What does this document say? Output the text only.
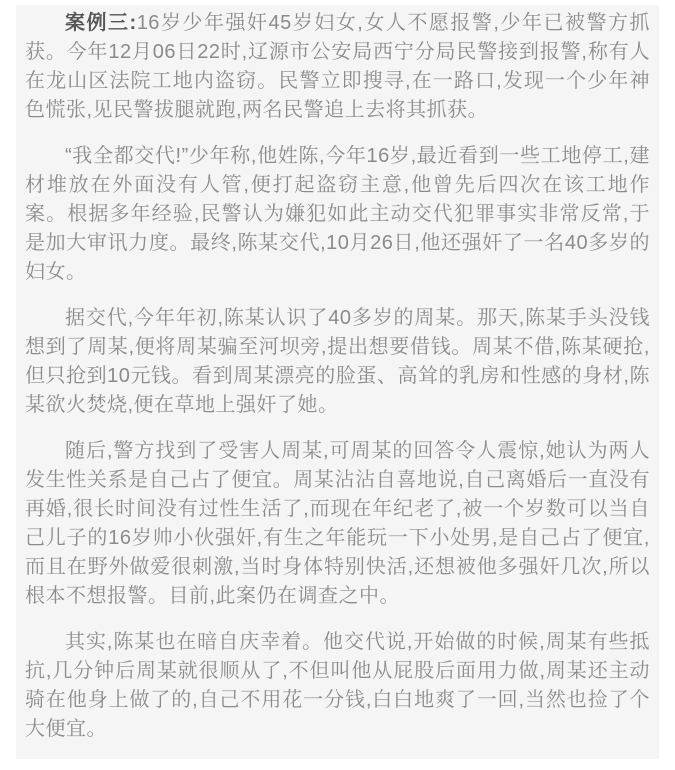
案例三:16岁少年强奸45岁妇女,女人不愿报警,少年已被警方抓获。今年12月06日22时,辽源市公安局西宁分局民警接到报警,称有人在龙山区法院工地内盗窃。民警立即搜寻,在一路口,发现一个少年神色慌张,见民警拔腿就跑,两名民警追上去将其抓获。

“我全都交代!”少年称,他姓陈,今年16岁,最近看到一些工地停工,建材堆放在外面没有人管,便打起盗窃主意,他曾先后四次在该工地作案。根据多年经验,民警认为嫌犯如此主动交代犯罪事实非常反常,于是加大审讯力度。最终,陈某交代,10月26日,他还强奸了一名40多岁的妇女。

据交代,今年年初,陈某认识了40多岁的周某。那天,陈某手头没钱想到了周某,便将周某骗至河坝旁,提出想要借钱。周某不借,陈某硬抢,但只抢到10元钱。看到周某漂亮的脸蛋、高耸的乳房和性感的身材,陈某欲火焚烧,便在草地上强奸了她。

随后,警方找到了受害人周某,可周某的回答令人震惊,她认为两人发生性关系是自己占了便宜。周某沾沾自喜地说,自己离婚后一直没有再婚,很长时间没有过性生活了,而现在年纪老了,被一个岁数可以当自己儿子的16岁帅小伙强奸,有生之年能玩一下小处男,是自己占了便宜,而且在野外做爱很刺激,当时身体特别快活,还想被他多强奸几次,所以根本不想报警。目前,此案仍在调查之中。

其实,陈某也在暗自庆幸着。他交代说,开始做的时候,周某有些抵抗,几分钟后周某就很顺从了,不但叫他从屁股后面用力做,周某还主动骑在他身上做了的,自己不用花一分钱,白白地爽了一回,当然也捡了个大便宜。
